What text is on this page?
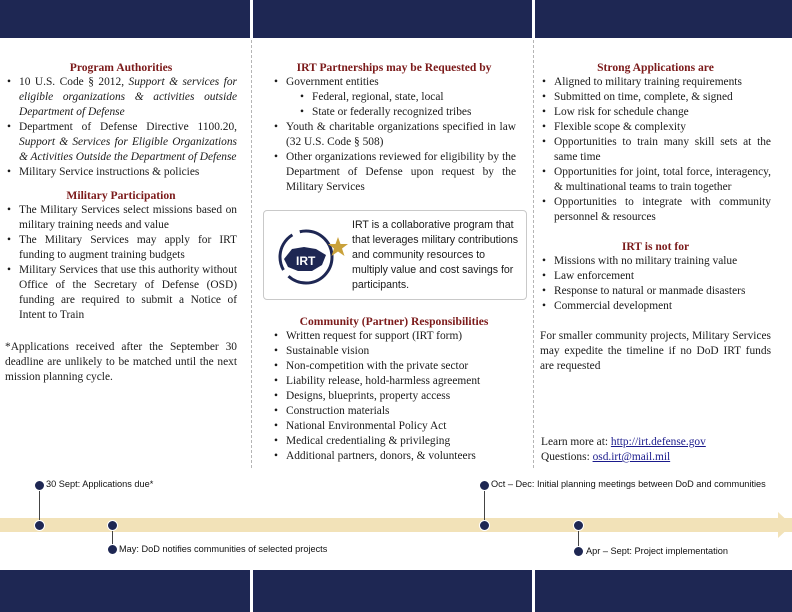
Program Authorities

• 10 U.S. Code § 2012, Support & services for eligible organizations & activities outside Department of Defense
• Department of Defense Directive 1100.20, Support & Services for Eligible Organizations & Activities Outside the Department of Defense
• Military Service instructions & policies

Military Participation

• The Military Services select missions based on military training needs and value
• The Military Services may apply for IRT funding to augment training budgets
• Military Services that use this authority without Office of the Secretary of Defense (OSD) funding are required to submit a Notice of Intent to Train

*Applications received after the September 30 deadline are unlikely to be matched until the next mission planning cycle.

IRT Partnerships may be Requested by

• Government entities
• Federal, regional, state, local
• State or federally recognized tribes
• Youth & charitable organizations specified in law (32 U.S. Code § 508)
• Other organizations reviewed for eligibility by the Department of Defense upon request by the Military Services
IRT
IRT is a collaborative program that that leverages military contributions and community resources to multiply value and cost savings for participants.

Community (Partner) Responsibilities

• Written request for support (IRT form)
• Sustainable vision
• Non-competition with the private sector
• Liability release, hold-harmless agreement
• Designs, blueprints, property access
• Construction materials
• National Environmental Policy Act
• Medical credentialing & privileging
• Additional partners, donors, & volunteers

Strong Applications are

• Aligned to military training requirements
• Submitted on time, complete, & signed
• Low risk for schedule change
• Flexible scope & complexity
• Opportunities to train many skill sets at the same time
• Opportunities for joint, total force, interagency, & multinational teams to train together
• Opportunities to integrate with community personnel & resources

IRT is not for

• Missions with no military training value
• Law enforcement
• Response to natural or manmade disasters
• Commercial development

For smaller community projects, Military Services may expedite the timeline if no DoD IRT funds are requested

Learn more at: http://irt.defense.gov
Questions: osd.irt@mail.mil
30 Sept: Applications due*
May: DoD notifies communities of selected projects
Oct – Dec: Initial planning meetings between DoD and communities
Apr – Sept: Project implementation
